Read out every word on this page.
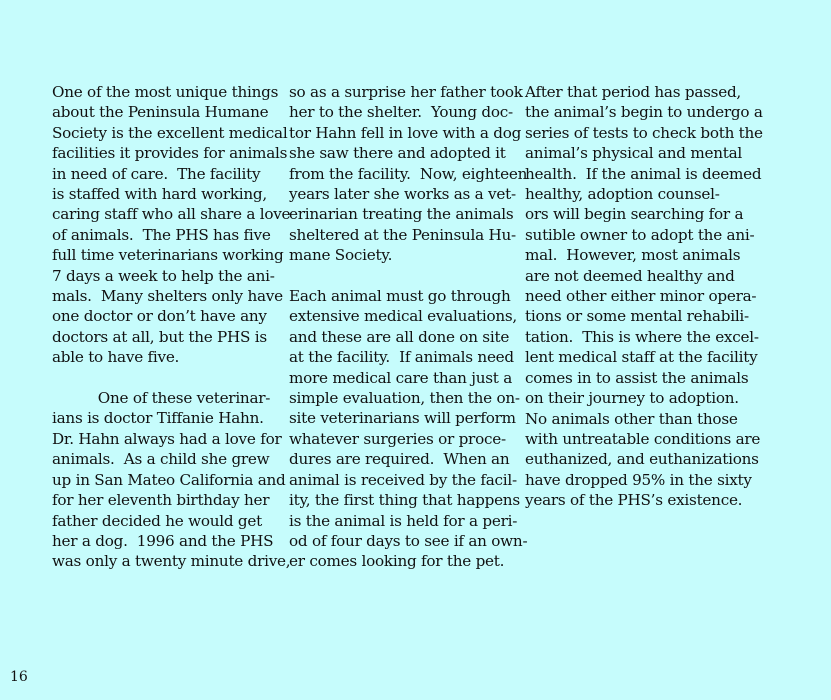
One of the most unique things
about the Peninsula Humane
Society is the excellent medical
facilities it provides for animals
in need of care.  The facility
is staffed with hard working,
caring staff who all share a love
of animals.  The PHS has five
full time veterinarians working
7 days a week to help the ani-
mals.  Many shelters only have
one doctor or don’t have any
doctors at all, but the PHS is
able to have five.
One of these veterinar-
ians is doctor Tiffanie Hahn.
Dr. Hahn always had a love for
animals.  As a child she grew
up in San Mateo California and
for her eleventh birthday her
father decided he would get
her a dog.  1996 and the PHS
was only a twenty minute drive,
so as a surprise her father took
her to the shelter.  Young doc-
tor Hahn fell in love with a dog
she saw there and adopted it
from the facility.  Now, eighteen
years later she works as a vet-
erinarian treating the animals
sheltered at the Peninsula Hu-
mane Society.
Each animal must go through
extensive medical evaluations,
and these are all done on site
at the facility.  If animals need
more medical care than just a
simple evaluation, then the on-
site veterinarians will perform
whatever surgeries or proce-
dures are required.  When an
animal is received by the facil-
ity, the first thing that happens
is the animal is held for a peri-
od of four days to see if an own-
er comes looking for the pet.
After that period has passed,
the animal’s begin to undergo a
series of tests to check both the
animal’s physical and mental
health.  If the animal is deemed
healthy, adoption counsel-
ors will begin searching for a
sutible owner to adopt the ani-
mal.  However, most animals
are not deemed healthy and
need other either minor opera-
tions or some mental rehabili-
tation.  This is where the excel-
lent medical staff at the facility
comes in to assist the animals
on their journey to adoption.
No animals other than those
with untreatable conditions are
euthanized, and euthanizations
have dropped 95% in the sixty
years of the PHS’s existence.
16
